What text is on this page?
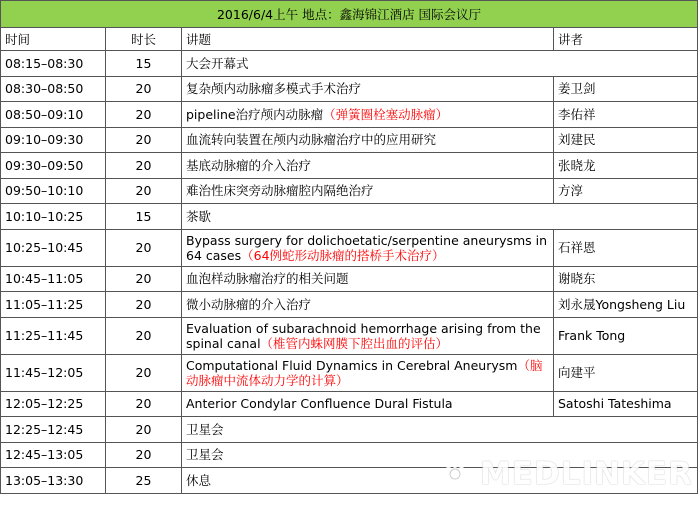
2016/6/4上午 地点：鑫海锦江酒店 国际会议厅			
时间	时长	讲题	讲者
08:15–08:30	15	大会开幕式	
08:30–08:50	20	复杂颅内动脉瘤多模式手术治疗	姜卫剑
08:50–09:10	20	pipeline治疗颅内动脉瘤（弹簧圈栓塞动脉瘤）	李佑祥
09:10–09:30	20	血流转向装置在颅内动脉瘤治疗中的应用研究	刘建民
09:30–09:50	20	基底动脉瘤的介入治疗	张晓龙
09:50–10:10	20	难治性床突旁动脉瘤腔内隔绝治疗	方淳
10:10–10:25	15	茶歇	
10:25–10:45	20	Bypass surgery for dolichoetatic/serpentine aneurysms in 64 cases（64例蛇形动脉瘤的搭桥手术治疗）	石祥恩
10:45–11:05	20	血泡样动脉瘤治疗的相关问题	谢晓东
11:05–11:25	20	微小动脉瘤的介入治疗	刘永晟Yongsheng Liu
11:25–11:45	20	Evaluation of subarachnoid hemorrhage arising from the spinal canal（椎管内蛛网膜下腔出血的评估）	Frank Tong
11:45–12:05	20	Computational Fluid Dynamics in Cerebral Aneurysm（脑动脉瘤中流体动力学的计算）	向建平
12:05–12:25	20	Anterior Condylar Confluence Dural Fistula	Satoshi Tateshima
12:25–12:45	20	卫星会	
12:45–13:05	20	卫星会	
13:05–13:30	25	休息		MEDLINKER
